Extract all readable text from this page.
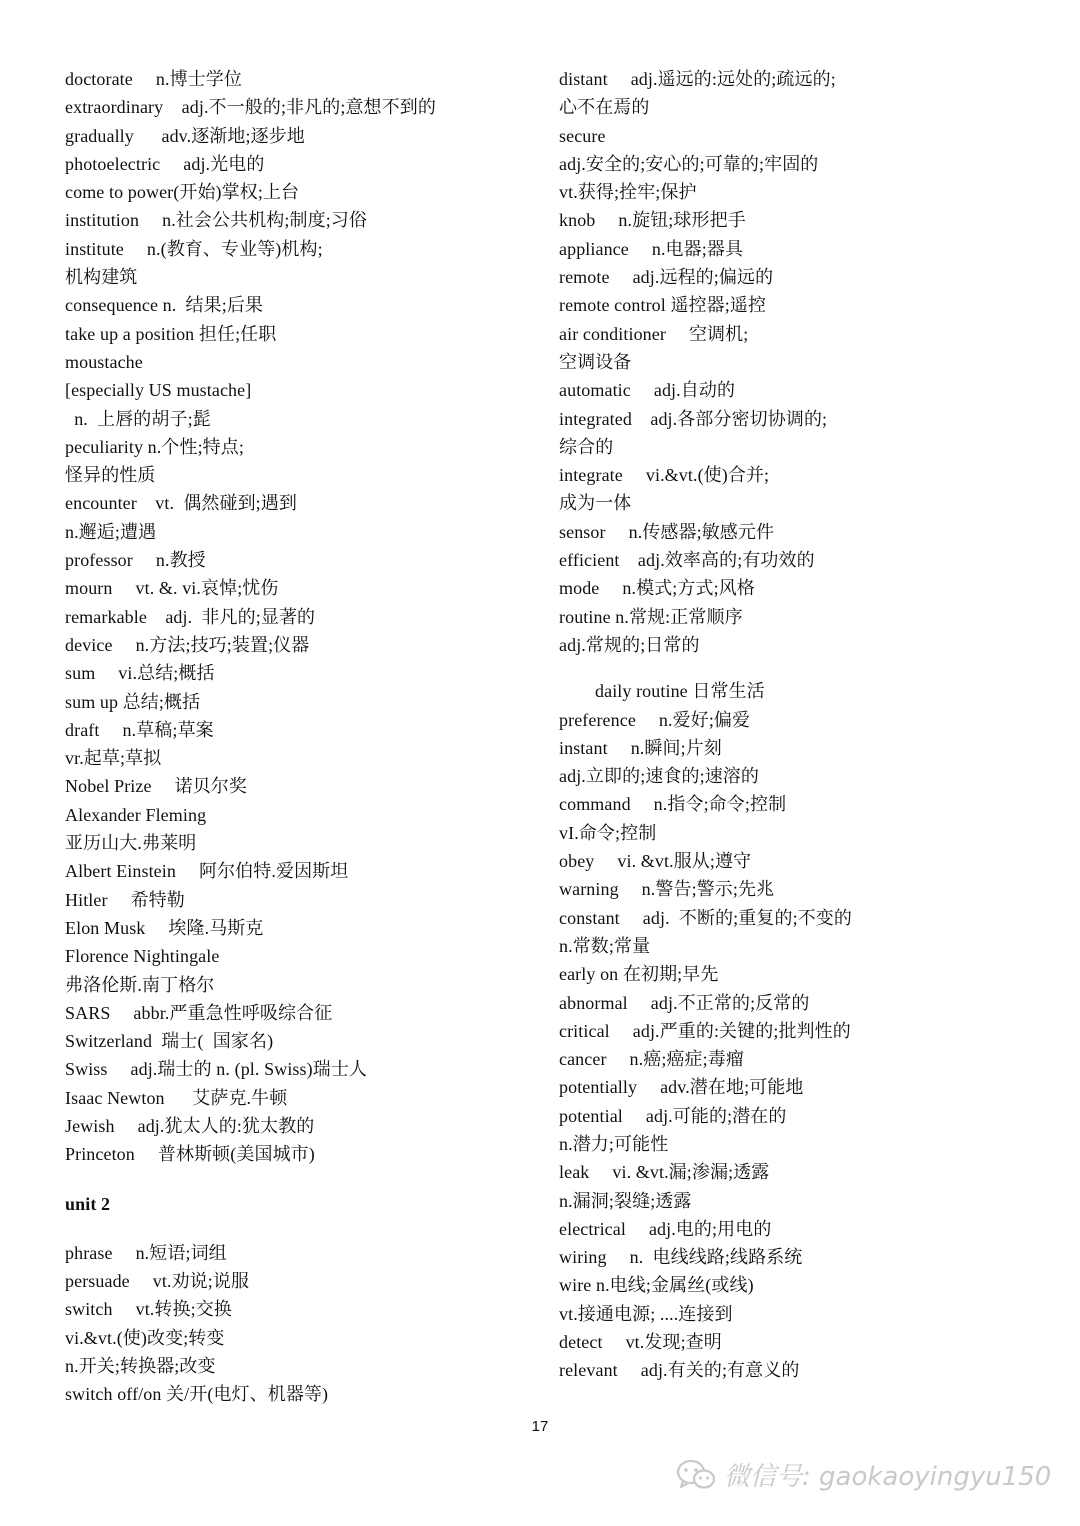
doctorate     n.博士学位
extraordinary    adj.不一般的;非凡的;意想不到的
gradually      adv.逐渐地;逐步地
photoelectric     adj.光电的
come to power(开始)掌权;上台
institution     n.社会公共机构;制度;习俗
institute     n.(教育、专业等)机构;
机构建筑
consequence n.  结果;后果
take up a position 担任;任职
moustache
[especially US mustache]
n.  上唇的胡子;髭
peculiarity n.个性;特点;
怪异的性质
encounter    vt.  偶然碰到;遇到
n.邂逅;遭遇
professor     n.教授
mourn     vt. &. vi.哀悼;忧伤
remarkable    adj.  非凡的;显著的
device     n.方法;技巧;装置;仪器
sum     vi.总结;概括
sum up 总结;概括
draft     n.草稿;草案
vr.起草;草拟
Nobel Prize     诺贝尔奖
Alexander Fleming
亚历山大.弗莱明
Albert Einstein     阿尔伯特.爱因斯坦
Hitler     希特勒
Elon Musk     埃隆.马斯克
Florence Nightingale
弗洛伦斯.南丁格尔
SARS     abbr.严重急性呼吸综合征
Switzerland  瑞士(  国家名)
Swiss     adj.瑞士的 n. (pl. Swiss)瑞士人
Isaac Newton      艾萨克.牛顿
Jewish     adj.犹太人的:犹太教的
Princeton     普林斯顿(美国城市)
unit 2
phrase     n.短语;词组
persuade     vt.劝说;说服
switch     vt.转换;交换
vi.&vt.(使)改变;转变
n.开关;转换器;改变
switch off/on 关/开(电灯、机器等)
distant     adj.遥远的:远处的;疏远的;
心不在焉的
secure
adj.安全的;安心的;可靠的;牢固的
vt.获得;拴牢;保护
knob     n.旋钮;球形把手
appliance     n.电器;器具
remote     adj.远程的;偏远的
remote control 遥控器;遥控
air conditioner     空调机;
空调设备
automatic     adj.自动的
integrated    adj.各部分密切协调的;
综合的
integrate     vi.&vt.(使)合并;
成为一体
sensor     n.传感器;敏感元件
efficient    adj.效率高的;有功效的
mode     n.模式;方式;风格
routine n.常规:正常顺序
adj.常规的;日常的
daily routine 日常生活
preference     n.爱好;偏爱
instant     n.瞬间;片刻
adj.立即的;速食的;速溶的
command     n.指令;命令;控制
vI.命令;控制
obey     vi. &vt.服从;遵守
warning     n.警告;警示;先兆
constant     adj.  不断的;重复的;不变的
n.常数;常量
early on 在初期;早先
abnormal     adj.不正常的;反常的
critical     adj.严重的:关键的;批判性的
cancer     n.癌;癌症;毒瘤
potentially     adv.潜在地;可能地
potential     adj.可能的;潜在的
n.潜力;可能性
leak     vi. &vt.漏;渗漏;透露
n.漏洞;裂缝;透露
electrical     adj.电的;用电的
wiring     n.  电线线路;线路系统
wire n.电线;金属丝(或线)
vt.接通电源; ....连接到
detect     vt.发现;查明
relevant     adj.有关的;有意义的
17
微信号: gaokaoyingyu150
